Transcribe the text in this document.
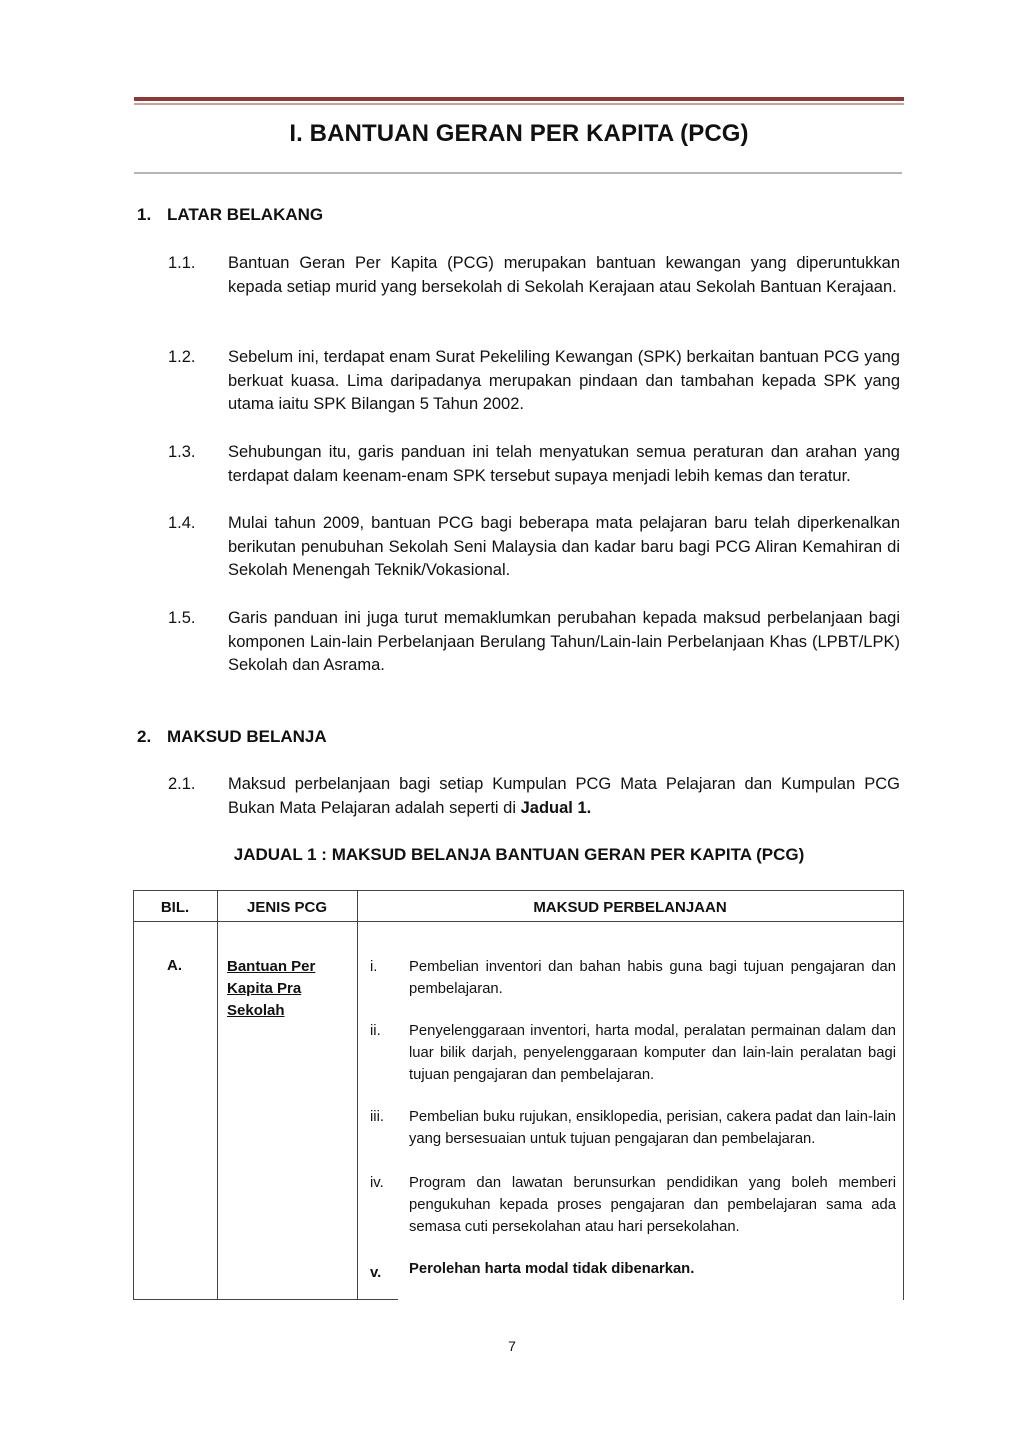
I. BANTUAN GERAN PER KAPITA (PCG)
1. LATAR BELAKANG
1.1.	Bantuan Geran Per Kapita (PCG) merupakan bantuan kewangan yang diperuntukkan kepada setiap murid yang bersekolah di Sekolah Kerajaan atau Sekolah Bantuan Kerajaan.
1.2.	Sebelum ini, terdapat enam Surat Pekeliling Kewangan (SPK) berkaitan bantuan PCG yang berkuat kuasa. Lima daripadanya merupakan pindaan dan tambahan kepada SPK yang utama iaitu SPK Bilangan 5 Tahun 2002.
1.3.	Sehubungan itu, garis panduan ini telah menyatukan semua peraturan dan arahan yang terdapat dalam keenam-enam SPK tersebut supaya menjadi lebih kemas dan teratur.
1.4.	Mulai tahun 2009, bantuan PCG bagi beberapa mata pelajaran baru telah diperkenalkan berikutan penubuhan Sekolah Seni Malaysia dan kadar baru bagi PCG Aliran Kemahiran di Sekolah Menengah Teknik/Vokasional.
1.5.	Garis panduan ini juga turut memaklumkan perubahan kepada maksud perbelanjaan bagi komponen Lain-lain Perbelanjaan Berulang Tahun/Lain-lain Perbelanjaan Khas (LPBT/LPK) Sekolah dan Asrama.
2. MAKSUD BELANJA
2.1.	Maksud perbelanjaan bagi setiap Kumpulan PCG Mata Pelajaran dan Kumpulan PCG Bukan Mata Pelajaran adalah seperti di Jadual 1.
JADUAL 1 : MAKSUD BELANJA BANTUAN GERAN PER KAPITA (PCG)
BIL.	JENIS PCG	MAKSUD PERBELANJAAN
A.	Bantuan Per
Kapita Pra
Sekolah
i.	Pembelian inventori dan bahan habis guna bagi tujuan pengajaran dan pembelajaran.
ii.	Penyelenggaraan inventori, harta modal, peralatan permainan dalam dan luar bilik darjah, penyelenggaraan komputer dan lain-lain peralatan bagi tujuan pengajaran dan pembelajaran.
iii.	Pembelian buku rujukan, ensiklopedia, perisian, cakera padat dan lain-lain yang bersesuaian untuk tujuan pengajaran dan pembelajaran.
iv.	Program dan lawatan berunsurkan pendidikan yang boleh memberi pengukuhan kepada proses pengajaran dan pembelajaran sama ada semasa cuti persekolahan atau hari persekolahan.
v.	Perolehan harta modal tidak dibenarkan.
7
